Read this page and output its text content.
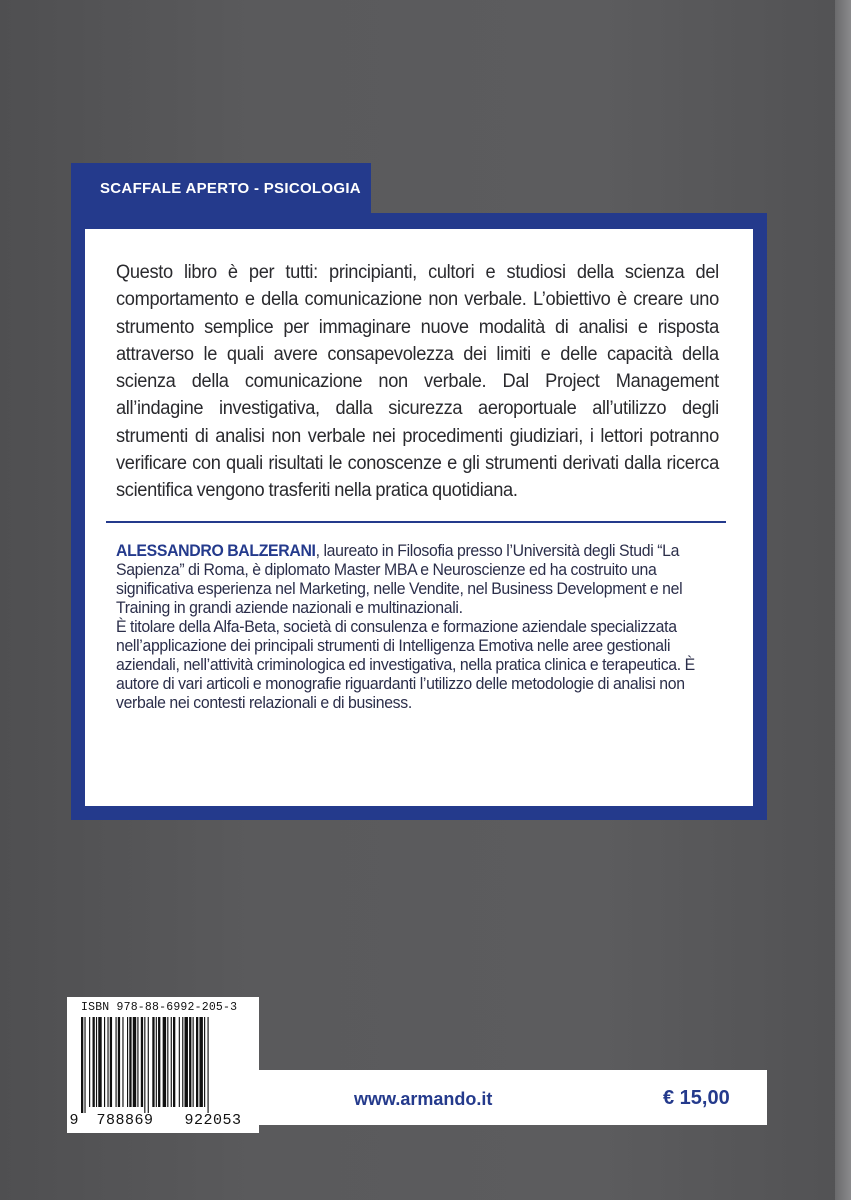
SCAFFALE APERTO - PSICOLOGIA

Questo libro è per tutti: principianti, cultori e studiosi della scienza del comportamento e della comunicazione non verbale. L’obiettivo è creare uno strumento semplice per immaginare nuove modalità di analisi e risposta attraverso le quali avere consapevolezza dei limiti e delle capacità della scienza della comunicazione non verbale. Dal Project Management all’indagine investigativa, dalla sicurezza aeroportuale all’utilizzo degli strumenti di analisi non verbale nei procedimenti giudiziari, i lettori potranno verificare con quali risultati le conoscenze e gli strumenti derivati dalla ricerca scientifica vengono trasferiti nella pratica quotidiana.

ALESSANDRO BALZERANI, laureato in Filosofia presso l’Università degli Studi “La Sapienza” di Roma, è diplomato Master MBA e Neuroscienze ed ha costruito una significativa esperienza nel Marketing, nelle Vendite, nel Business Development e nel Training in grandi aziende nazionali e multinazionali.
È titolare della Alfa-Beta, società di consulenza e formazione aziendale specializzata nell’applicazione dei principali strumenti di Intelligenza Emotiva nelle aree gestionali aziendali, nell’attività criminologica ed investigativa, nella pratica clinica e terapeutica. È autore di vari articoli e monografie riguardanti l’utilizzo delle metodologie di analisi non verbale nei contesti relazionali e di business.
www.armando.it	€ 15,00
ISBN 978-88-6992-205-3
9	788869	922053
